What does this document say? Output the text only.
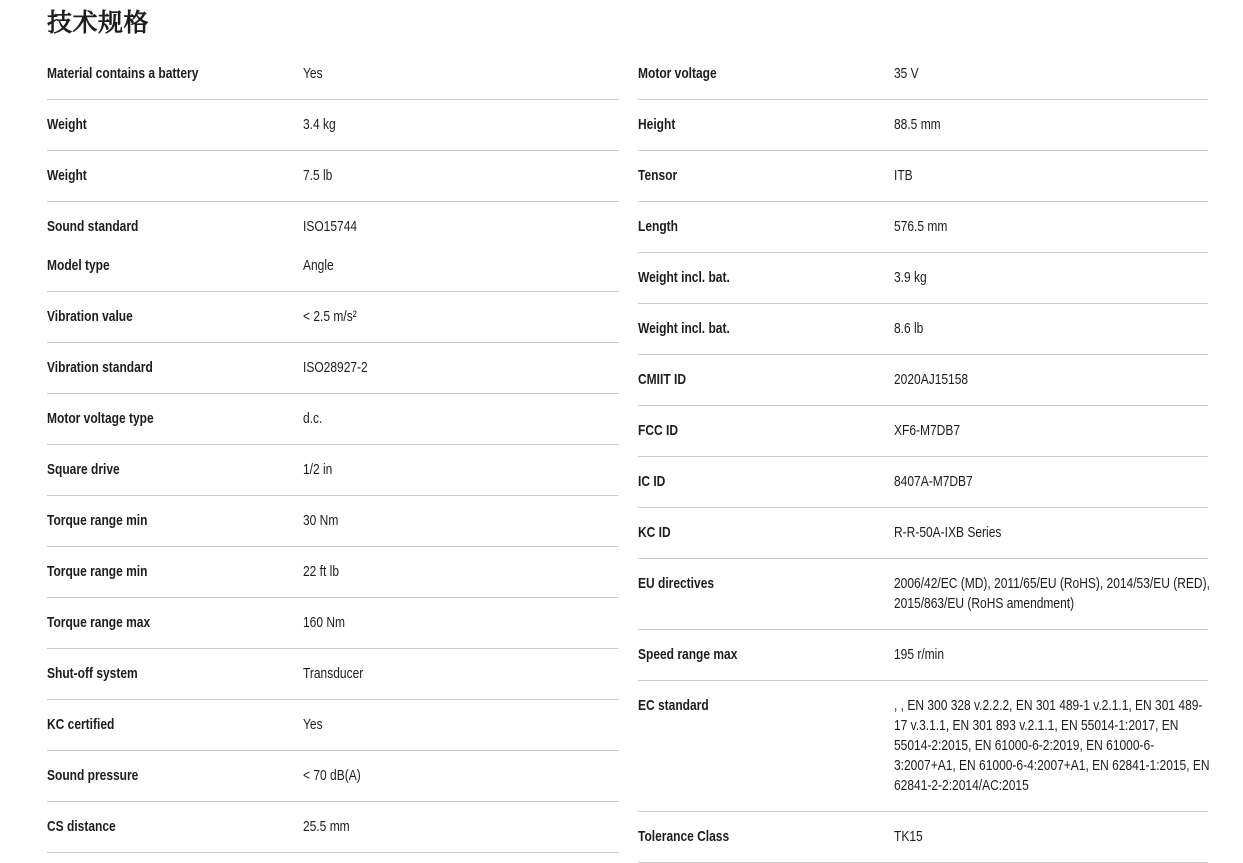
技术规格
Material contains a battery	Yes
Weight	3.4 kg
Weight	7.5 lb
Sound standard	ISO15744
Model type	Angle
Vibration value	< 2.5 m/s²
Vibration standard	ISO28927-2
Motor voltage type	d.c.
Square drive	1/2 in
Torque range min	30 Nm
Torque range min	22 ft lb
Torque range max	160 Nm
Shut-off system	Transducer
KC certified	Yes
Sound pressure	< 70 dB(A)
CS distance	25.5 mm
Motor voltage	35 V
Height	88.5 mm
Tensor	ITB
Length	576.5 mm
Weight incl. bat.	3.9 kg
Weight incl. bat.	8.6 lb
CMIIT ID	2020AJ15158
FCC ID	XF6-M7DB7
IC ID	8407A-M7DB7
KC ID	R-R-50A-IXB Series
EU directives	2006/42/EC (MD), 2011/65/EU (RoHS), 2014/53/EU (RED), 2015/863/EU (RoHS amendment)
Speed range max	195 r/min
EC standard	, , EN 300 328 v.2.2.2, EN 301 489-1 v.2.1.1, EN 301 489-17 v.3.1.1, EN 301 893 v.2.1.1, EN 55014-1:2017, EN 55014-2:2015, EN 61000-6-2:2019, EN 61000-6-3:2007+A1, EN 61000-6-4:2007+A1, EN 62841-1:2015, EN 62841-2-2:2014/AC:2015
Tolerance Class	TK15
